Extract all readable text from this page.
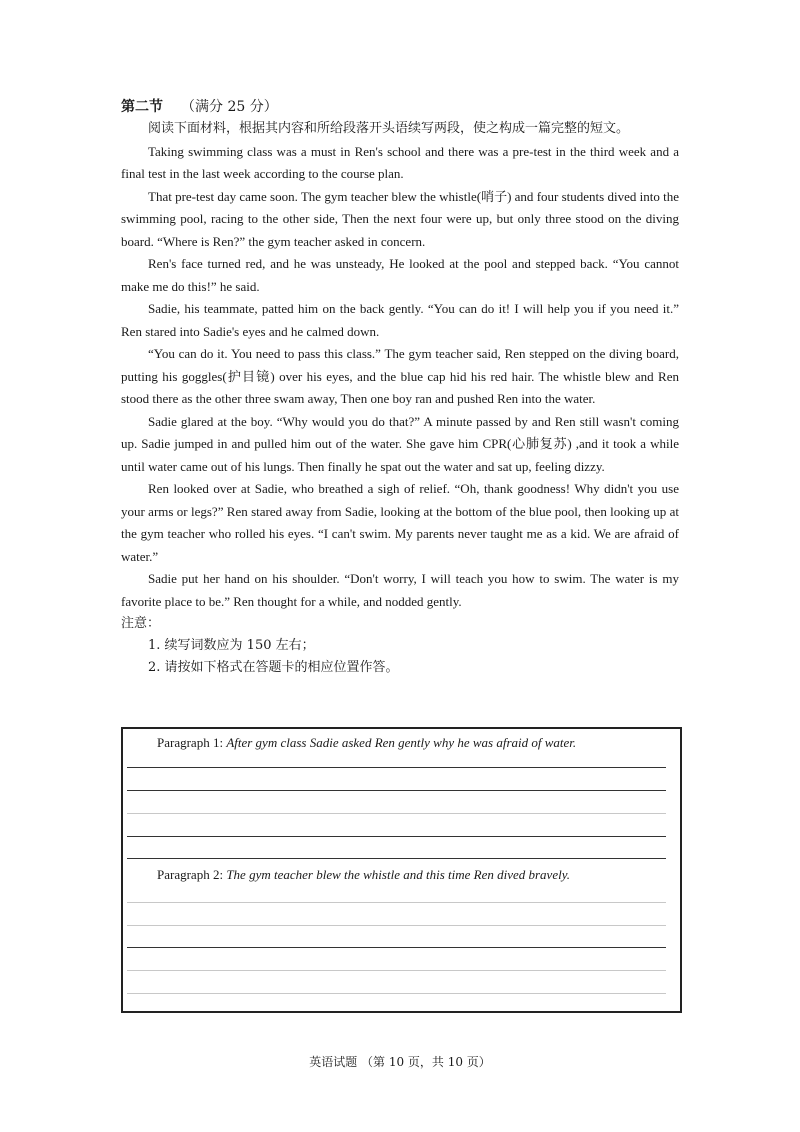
第二节 （满分 25 分）

阅读下面材料，根据其内容和所给段落开头语续写两段，使之构成一篇完整的短文。

Taking swimming class was a must in Ren's school and there was a pre-test in the third week and a final test in the last week according to the course plan.

That pre-test day came soon. The gym teacher blew the whistle(哨子) and four students dived into the swimming pool, racing to the other side, Then the next four were up, but only three stood on the diving board. “Where is Ren?” the gym teacher asked in concern.

Ren's face turned red, and he was unsteady, He looked at the pool and stepped back. “You cannot make me do this!” he said.

Sadie, his teammate, patted him on the back gently. “You can do it! I will help you if you need it.” Ren stared into Sadie's eyes and he calmed down.

“You can do it. You need to pass this class.” The gym teacher said, Ren stepped on the diving board, putting his goggles(护目镜) over his eyes, and the blue cap hid his red hair. The whistle blew and Ren stood there as the other three swam away, Then one boy ran and pushed Ren into the water.

Sadie glared at the boy. “Why would you do that?” A minute passed by and Ren still wasn't coming up. Sadie jumped in and pulled him out of the water. She gave him CPR(心肺复苏) ,and it took a while until water came out of his lungs. Then finally he spat out the water and sat up, feeling dizzy.

Ren looked over at Sadie, who breathed a sigh of relief. “Oh, thank goodness! Why didn't you use your arms or legs?” Ren stared away from Sadie, looking at the bottom of the blue pool, then looking up at the gym teacher who rolled his eyes. “I can't swim. My parents never taught me as a kid. We are afraid of water.”

Sadie put her hand on his shoulder. “Don't worry, I will teach you how to swim. The water is my favorite place to be.” Ren thought for a while, and nodded gently.

注意：

1. 续写词数应为 150 左右；

2. 请按如下格式在答题卡的相应位置作答。

Paragraph 1: After gym class Sadie asked Ren gently why he was afraid of water.
Paragraph 2: The gym teacher blew the whistle and this time Ren dived bravely.
英语试题 （第 10 页，共 10 页）
